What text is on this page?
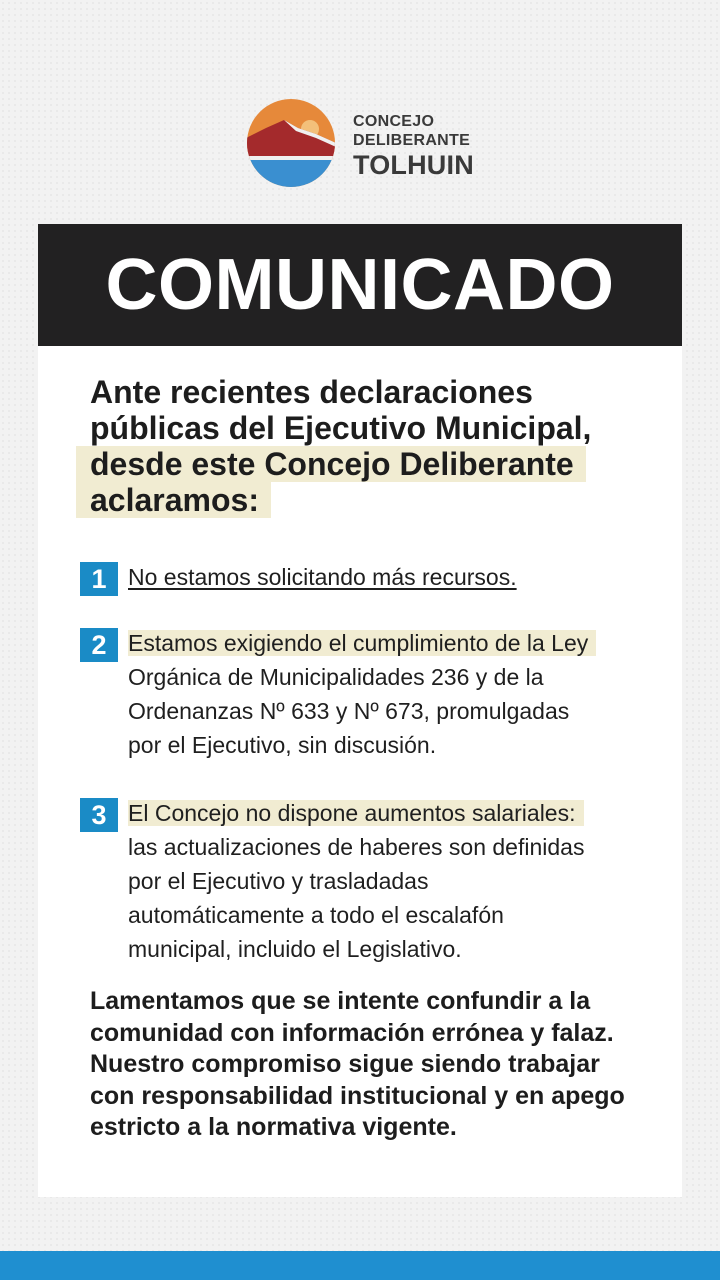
CONCEJO
DELIBERANTE
TOLHUIN
COMUNICADO
Ante recientes declaraciones
públicas del Ejecutivo Municipal,
desde este Concejo Deliberante
aclaramos:
1 No estamos solicitando más recursos.
2 Estamos exigiendo el cumplimiento de la Ley
Orgánica de Municipalidades 236 y de la
Ordenanzas Nº 633 y Nº 673, promulgadas
por el Ejecutivo, sin discusión.
3 El Concejo no dispone aumentos salariales:
las actualizaciones de haberes son definidas
por el Ejecutivo y trasladadas
automáticamente a todo el escalafón
municipal, incluido el Legislativo.
Lamentamos que se intente confundir a la
comunidad con información errónea y falaz.
Nuestro compromiso sigue siendo trabajar
con responsabilidad institucional y en apego
estricto a la normativa vigente.
